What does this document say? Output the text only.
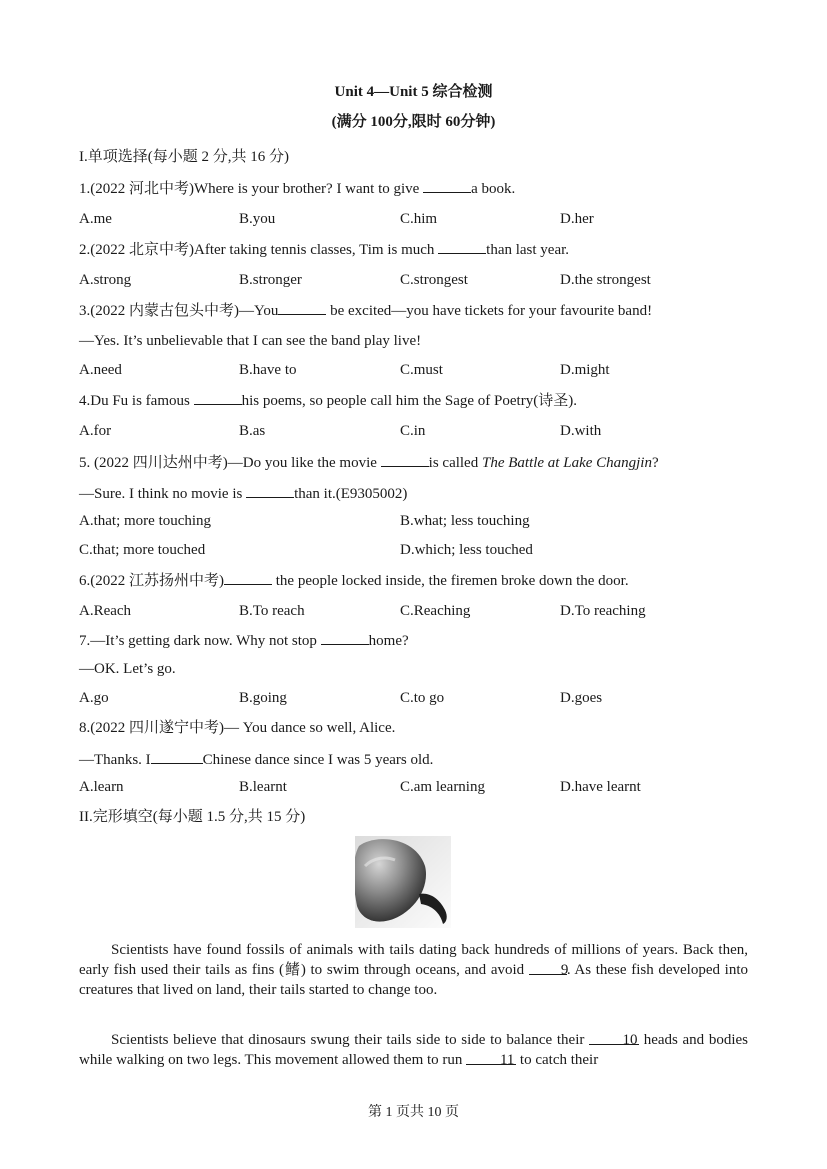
Unit 4—Unit 5 综合检测
(满分 100分,限时 60分钟)
I.单项选择(每小题 2 分,共 16 分)
1.(2022 河北中考)Where is your brother? I want to give	a book.
A.me	B.you	C.him	D.her
2.(2022 北京中考)After taking tennis classes, Tim is much	than last year.
A.strong	B.stronger	C.strongest	D.the strongest
3.(2022 内蒙古包头中考)—You	be excited—you have tickets for your favourite band!
—Yes. It’s unbelievable that I can see the band play live!
A.need	B.have to	C.must	D.might
4.Du Fu is famous	his poems, so people call him the Sage of Poetry(诗圣).
A.for	B.as	C.in	D.with
5. (2022 四川达州中考)—Do you like the movie	is called The Battle at Lake Changjin?
—Sure. I think no movie is	than it.(E9305002)
A.that; more touching	B.what; less touching
C.that; more touched	D.which; less touched
6.(2022 江苏扬州中考)	the people locked inside, the firemen broke down the door.
A.Reach	B.To reach	C.Reaching	D.To reaching
7.—It’s getting dark now. Why not stop	home?
—OK. Let’s go.
A.go	B.going	C.to go	D.goes
8.(2022 四川遂宁中考)— You dance so well, Alice.
—Thanks. I	Chinese dance since I was 5 years old.
A.learn	B.learnt	C.am learning	D.have learnt
II.完形填空(每小题 1.5 分,共 15 分)
Scientists have found fossils of animals with tails dating back hundreds of millions of years. Back then, early fish used their tails as fins (鳍) to swim through oceans, and avoid 9. As these fish developed into creatures that lived on land, their tails started to change too.
Scientists believe that dinosaurs swung their tails side to side to balance their 10 heads and bodies while walking on two legs. This movement allowed them to run 11 to catch their
第 1 页共 10 页
